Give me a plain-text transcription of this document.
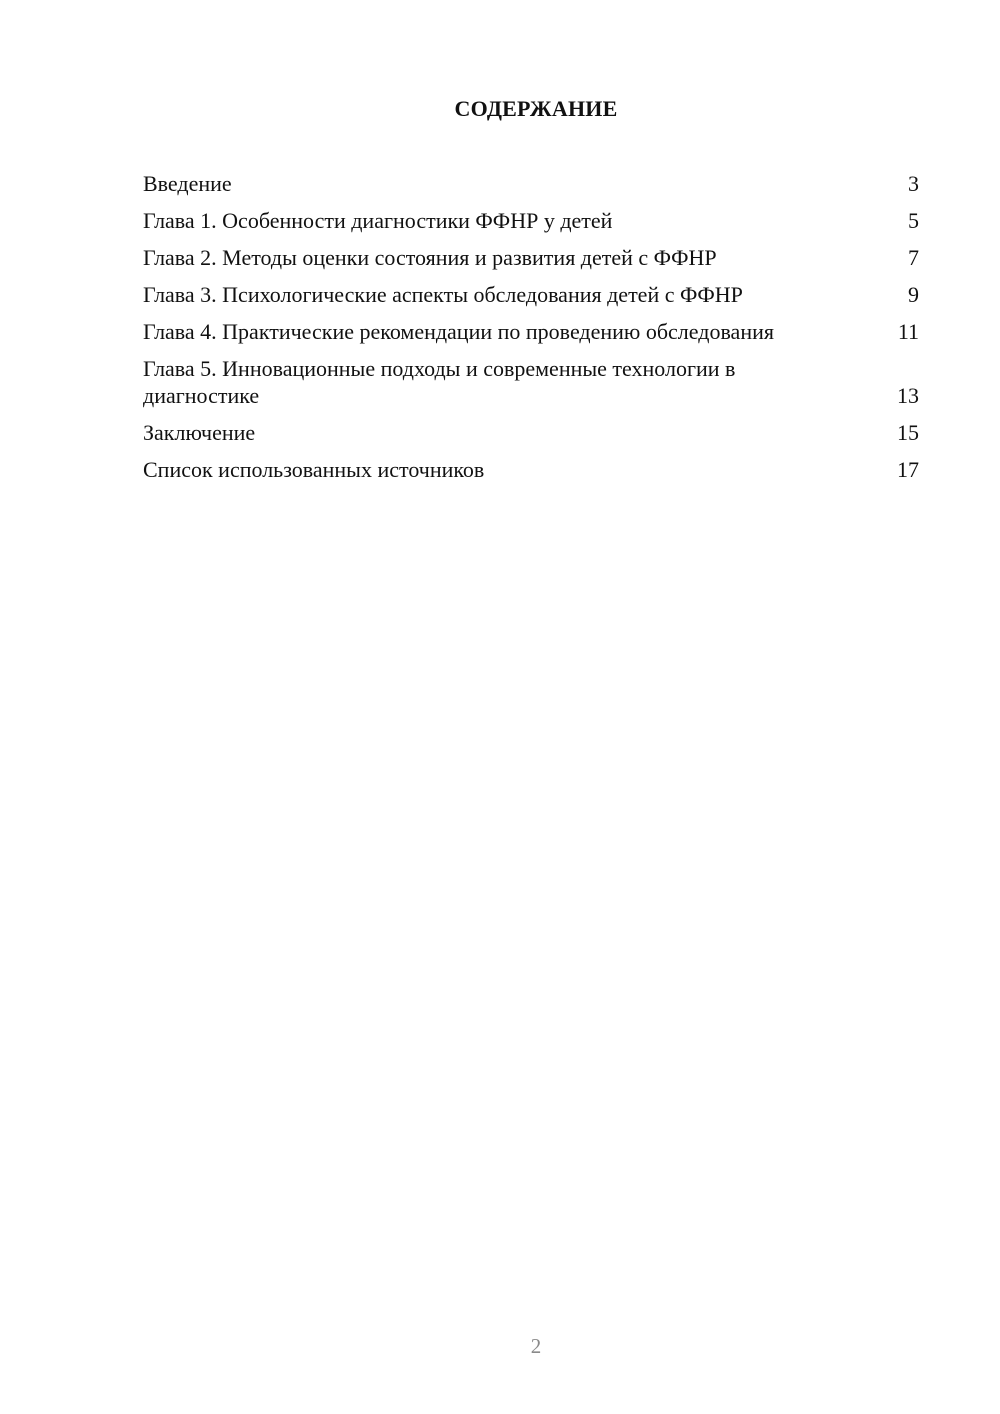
СОДЕРЖАНИЕ
Введение	3
Глава 1. Особенности диагностики ФФНР у детей	5
Глава 2. Методы оценки состояния и развития детей с ФФНР	7
Глава 3. Психологические аспекты обследования детей с ФФНР	9
Глава 4. Практические рекомендации по проведению обследования	11
Глава 5. Инновационные подходы и современные технологии в диагностике	13
Заключение	15
Список использованных источников	17
2
